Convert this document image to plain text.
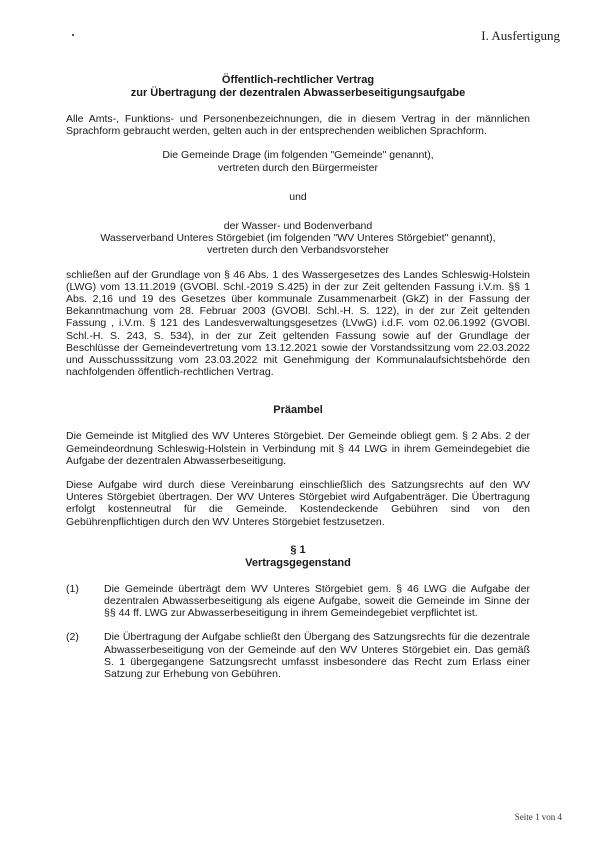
I. Ausfertigung

Öffentlich-rechtlicher Vertrag

zur Übertragung der dezentralen Abwasserbeseitigungsaufgabe

Alle Amts-, Funktions- und Personenbezeichnungen, die in diesem Vertrag in der männlichen Sprachform gebraucht werden, gelten auch in der entsprechenden weiblichen Sprachform.

Die Gemeinde Drage (im folgenden "Gemeinde" genannt),

vertreten durch den Bürgermeister

und

der Wasser- und Bodenverband

Wasserverband Unteres Störgebiet (im folgenden "WV Unteres Störgebiet" genannt),

vertreten durch den Verbandsvorsteher

schließen auf der Grundlage von § 46 Abs. 1 des Wassergesetzes des Landes Schleswig-Holstein (LWG) vom 13.11.2019 (GVOBl. Schl.-2019 S.425) in der zur Zeit geltenden Fassung i.V.m. §§ 1 Abs. 2,16 und 19 des Gesetzes über kommunale Zusammenarbeit (GkZ) in der Fassung der Bekanntmachung vom 28. Februar 2003 (GVOBl. Schl.-H. S. 122), in der zur Zeit geltenden Fassung , i.V.m. § 121 des Landesverwaltungsgesetzes (LVwG) i.d.F. vom 02.06.1992 (GVOBl. Schl.-H. S. 243, S. 534), in der zur Zeit geltenden Fassung sowie auf der Grundlage der Beschlüsse der Gemeindevertretung vom 13.12.2021 sowie der Vorstandssitzung vom 22.03.2022 und Ausschusssitzung vom 23.03.2022 mit Genehmigung der Kommunalaufsichtsbehörde den nachfolgenden öffentlich-rechtlichen Vertrag.

Präambel

Die Gemeinde ist Mitglied des WV Unteres Störgebiet. Der Gemeinde obliegt gem. § 2 Abs. 2 der Gemeindeordnung Schleswig-Holstein in Verbindung mit § 44 LWG in ihrem Gemeindegebiet die Aufgabe der dezentralen Abwasserbeseitigung.

Diese Aufgabe wird durch diese Vereinbarung einschließlich des Satzungsrechts auf den WV Unteres Störgebiet übertragen. Der WV Unteres Störgebiet wird Aufgabenträger. Die Übertragung erfolgt kostenneutral für die Gemeinde. Kostendeckende Gebühren sind von den Gebührenpflichtigen durch den WV Unteres Störgebiet festzusetzen.

§ 1

Vertragsgegenstand

(1)	Die Gemeinde überträgt dem WV Unteres Störgebiet gem. § 46 LWG die Aufgabe der dezentralen Abwasserbeseitigung als eigene Aufgabe, soweit die Gemeinde im Sinne der §§ 44 ff. LWG zur Abwasserbeseitigung in ihrem Gemeindegebiet verpflichtet ist.
(2)	Die Übertragung der Aufgabe schließt den Übergang des Satzungsrechts für die dezentrale Abwasserbeseitigung von der Gemeinde auf den WV Unteres Störgebiet ein. Das gemäß S. 1 übergegangene Satzungsrecht umfasst insbesondere das Recht zum Erlass einer Satzung zur Erhebung von Gebühren.
Seite 1 von 4
